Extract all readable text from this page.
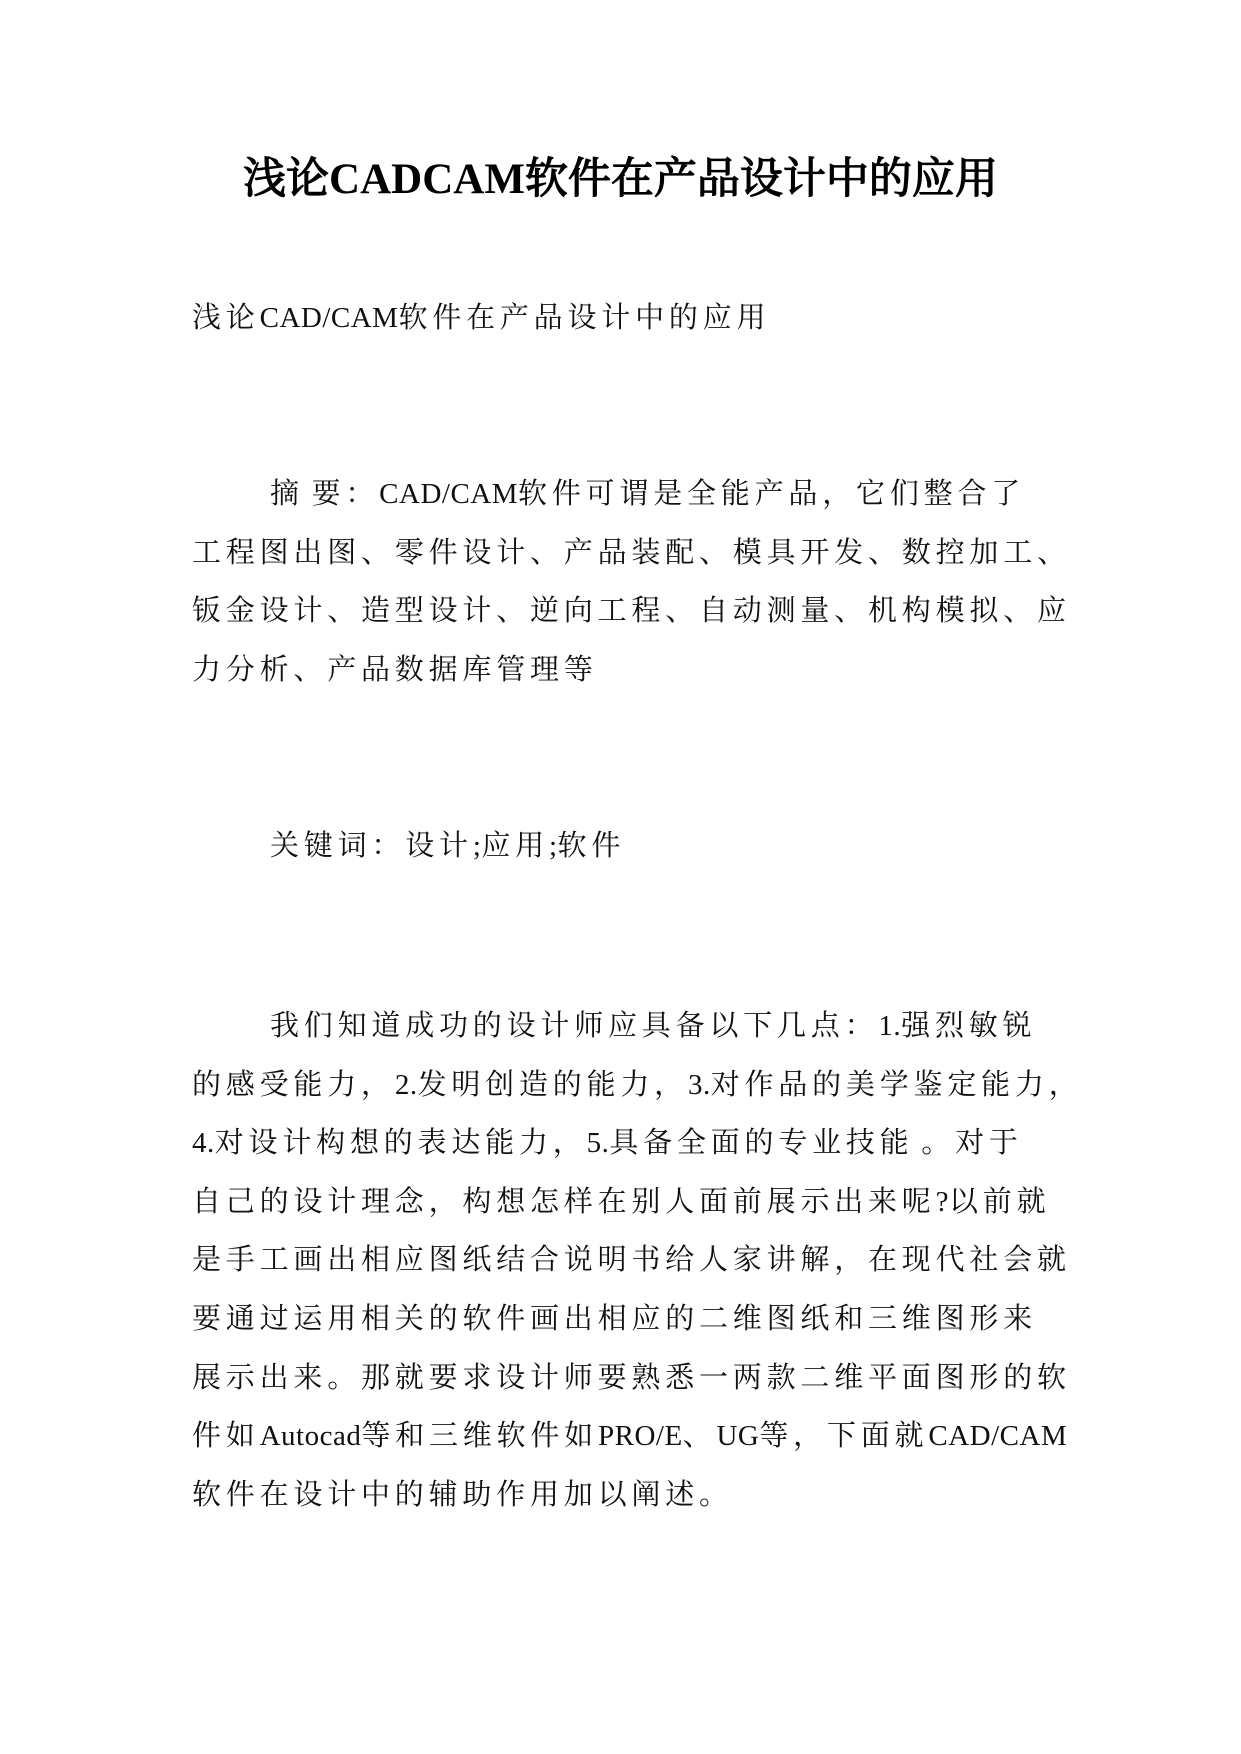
浅论CADCAM软件在产品设计中的应用
浅论CAD/CAM软件在产品设计中的应用
摘 要：CAD/CAM软件可谓是全能产品，它们整合了
工程图出图、零件设计、产品装配、模具开发、数控加工、
钣金设计、造型设计、逆向工程、自动测量、机构模拟、应
力分析、产品数据库管理等
关键词：设计;应用;软件
我们知道成功的设计师应具备以下几点：1.强烈敏锐
的感受能力，2.发明创造的能力，3.对作品的美学鉴定能力，
4.对设计构想的表达能力，5.具备全面的专业技能 。对于
自己的设计理念，构想怎样在别人面前展示出来呢?以前就
是手工画出相应图纸结合说明书给人家讲解，在现代社会就
要通过运用相关的软件画出相应的二维图纸和三维图形来
展示出来。那就要求设计师要熟悉一两款二维平面图形的软
件如Autocad等和三维软件如PRO/E、UG等，下面就CAD/CAM
软件在设计中的辅助作用加以阐述。
